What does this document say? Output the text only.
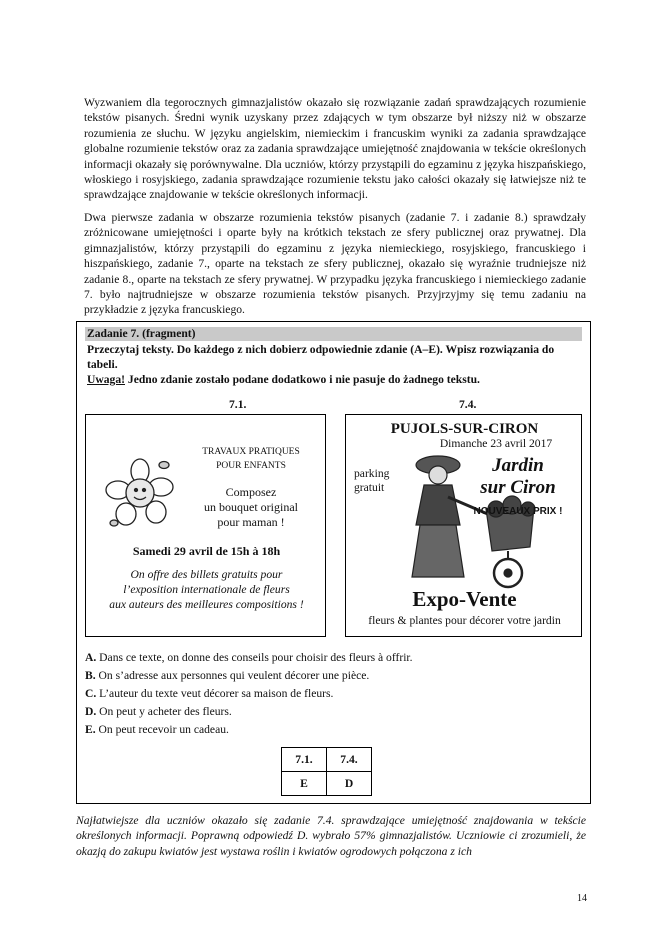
Wyzwaniem dla tegorocznych gimnazjalistów okazało się rozwiązanie zadań sprawdzających rozumienie tekstów pisanych. Średni wynik uzyskany przez zdających w tym obszarze był niższy niż w obszarze rozumienia ze słuchu. W języku angielskim, niemieckim i francuskim wyniki za zadania sprawdzające globalne rozumienie tekstów oraz za zadania sprawdzające umiejętność znajdowania w tekście określonych informacji okazały się porównywalne. Dla uczniów, którzy przystąpili do egzaminu z języka hiszpańskiego, włoskiego i rosyjskiego, zadania sprawdzające rozumienie tekstu jako całości okazały się łatwiejsze niż te sprawdzające znajdowanie w tekście określonych informacji.

Dwa pierwsze zadania w obszarze rozumienia tekstów pisanych (zadanie 7. i zadanie 8.) sprawdzały zróżnicowane umiejętności i oparte były na krótkich tekstach ze sfery publicznej oraz prywatnej. Dla gimnazjalistów, którzy przystąpili do egzaminu z języka niemieckiego, rosyjskiego, francuskiego i hiszpańskiego, zadanie 7., oparte na tekstach ze sfery publicznej, okazało się wyraźnie trudniejsze niż zadanie 8., oparte na tekstach ze sfery prywatnej. W przypadku języka francuskiego i niemieckiego zadanie 7. było najtrudniejsze w obszarze rozumienia tekstów pisanych. Przyjrzyjmy się temu zadaniu na przykładzie z języka francuskiego.

Zadanie 7. (fragment)
Przeczytaj teksty. Do każdego z nich dobierz odpowiednie zdanie (A–E). Wpisz rozwiązania do tabeli.
Uwaga! Jedno zdanie zostało podane dodatkowo i nie pasuje do żadnego tekstu.
7.1.	7.4.
TRAVAUX PRATIQUES
POUR ENFANTS
Composez
un bouquet original
pour maman !
Samedi 29 avril de 15h à 18h
On offre des billets gratuits pour
l’exposition internationale de fleurs
aux auteurs des meilleures compositions !
PUJOLS-SUR-CIRON
Dimanche 23 avril 2017
parking
gratuit
Jardin
sur Ciron
NOUVEAUX PRIX !
Expo-Vente
fleurs & plantes pour décorer votre jardin
A. Dans ce texte, on donne des conseils pour choisir des fleurs à offrir.
B. On s’adresse aux personnes qui veulent décorer une pièce.
C. L’auteur du texte veut décorer sa maison de fleurs.
D. On peut y acheter des fleurs.
E. On peut recevoir un cadeau.
7.1.	7.4.
E	D

Najłatwiejsze dla uczniów okazało się zadanie 7.4. sprawdzające umiejętność znajdowania w tekście określonych informacji. Poprawną odpowiedź D. wybrało 57% gimnazjalistów. Uczniowie ci zrozumieli, że okazją do zakupu kwiatów jest wystawa roślin i kwiatów ogrodowych połączona z ich

14
